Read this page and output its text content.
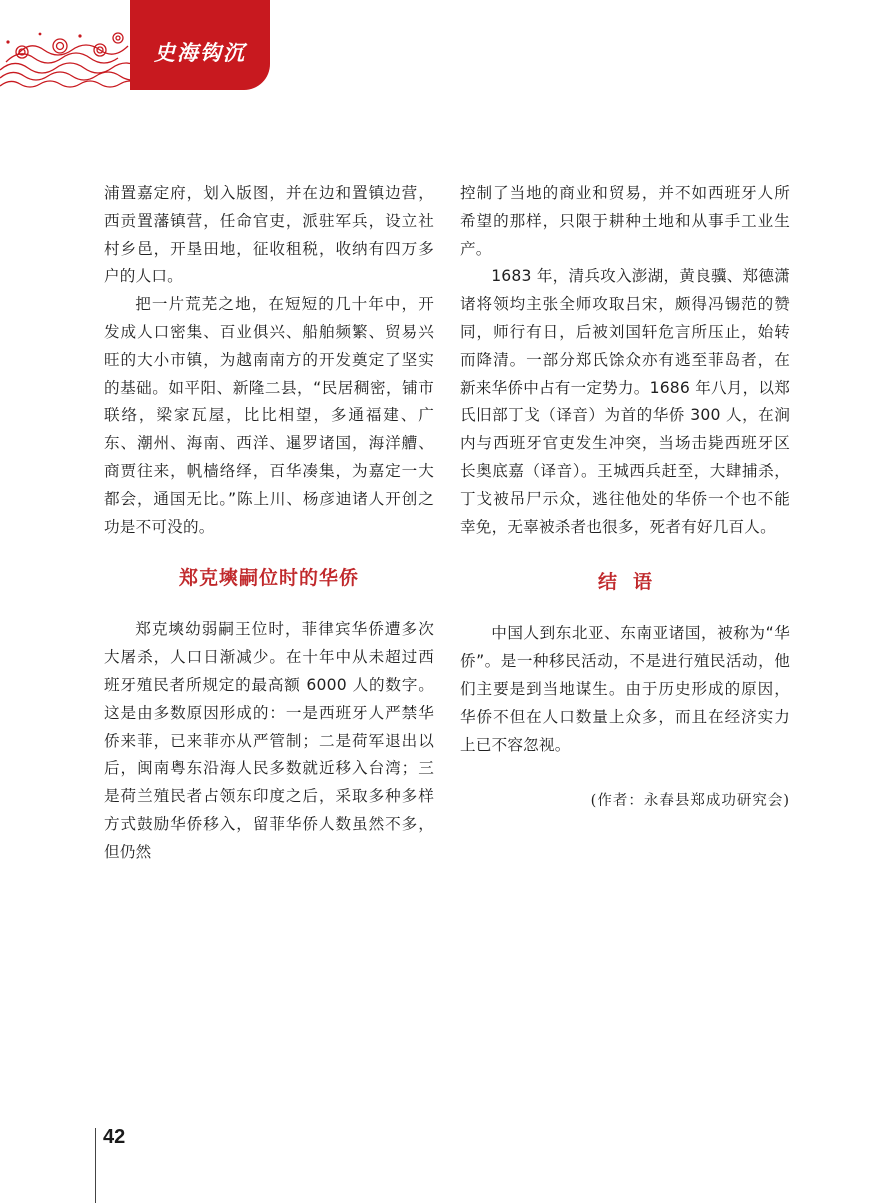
史海钩沉

浦置嘉定府，划入版图，并在边和置镇边营，西贡置藩镇营，任命官吏，派驻军兵，设立社村乡邑，开垦田地，征收租税，收纳有四万多户的人口。

把一片荒芜之地，在短短的几十年中，开发成人口密集、百业俱兴、船舶频繁、贸易兴旺的大小市镇，为越南南方的开发奠定了坚实的基础。如平阳、新隆二县，“民居稠密，铺市联络，梁家瓦屋，比比相望，多通福建、广东、潮州、海南、西洋、暹罗诸国，海洋艚、商贾往来，帆樯络绎，百华凑集，为嘉定一大都会，通国无比。”陈上川、杨彦迪诸人开创之功是不可没的。

郑克塽嗣位时的华侨

郑克塽幼弱嗣王位时，菲律宾华侨遭多次大屠杀，人口日渐减少。在十年中从未超过西班牙殖民者所规定的最高额 6000 人的数字。这是由多数原因形成的：一是西班牙人严禁华侨来菲，已来菲亦从严管制；二是荷军退出以后，闽南粤东沿海人民多数就近移入台湾；三是荷兰殖民者占领东印度之后，采取多种多样方式鼓励华侨移入，留菲华侨人数虽然不多，但仍然

控制了当地的商业和贸易，并不如西班牙人所希望的那样，只限于耕种土地和从事手工业生产。

1683 年，清兵攻入澎湖，黄良骥、郑德潇诸将领均主张全师攻取吕宋，颇得冯锡范的赞同，师行有日，后被刘国轩危言所压止，始转而降清。一部分郑氏馀众亦有逃至菲岛者，在新来华侨中占有一定势力。1686 年八月，以郑氏旧部丁戈（译音）为首的华侨 300 人，在涧内与西班牙官吏发生冲突，当场击毙西班牙区长奥底嘉（译音）。王城西兵赶至，大肆捕杀，丁戈被吊尸示众，逃往他处的华侨一个也不能幸免，无辜被杀者也很多，死者有好几百人。

结语

中国人到东北亚、东南亚诸国，被称为“华侨”。是一种移民活动，不是进行殖民活动，他们主要是到当地谋生。由于历史形成的原因，华侨不但在人口数量上众多，而且在经济实力上已不容忽视。

(作者：永春县郑成功研究会)
42
